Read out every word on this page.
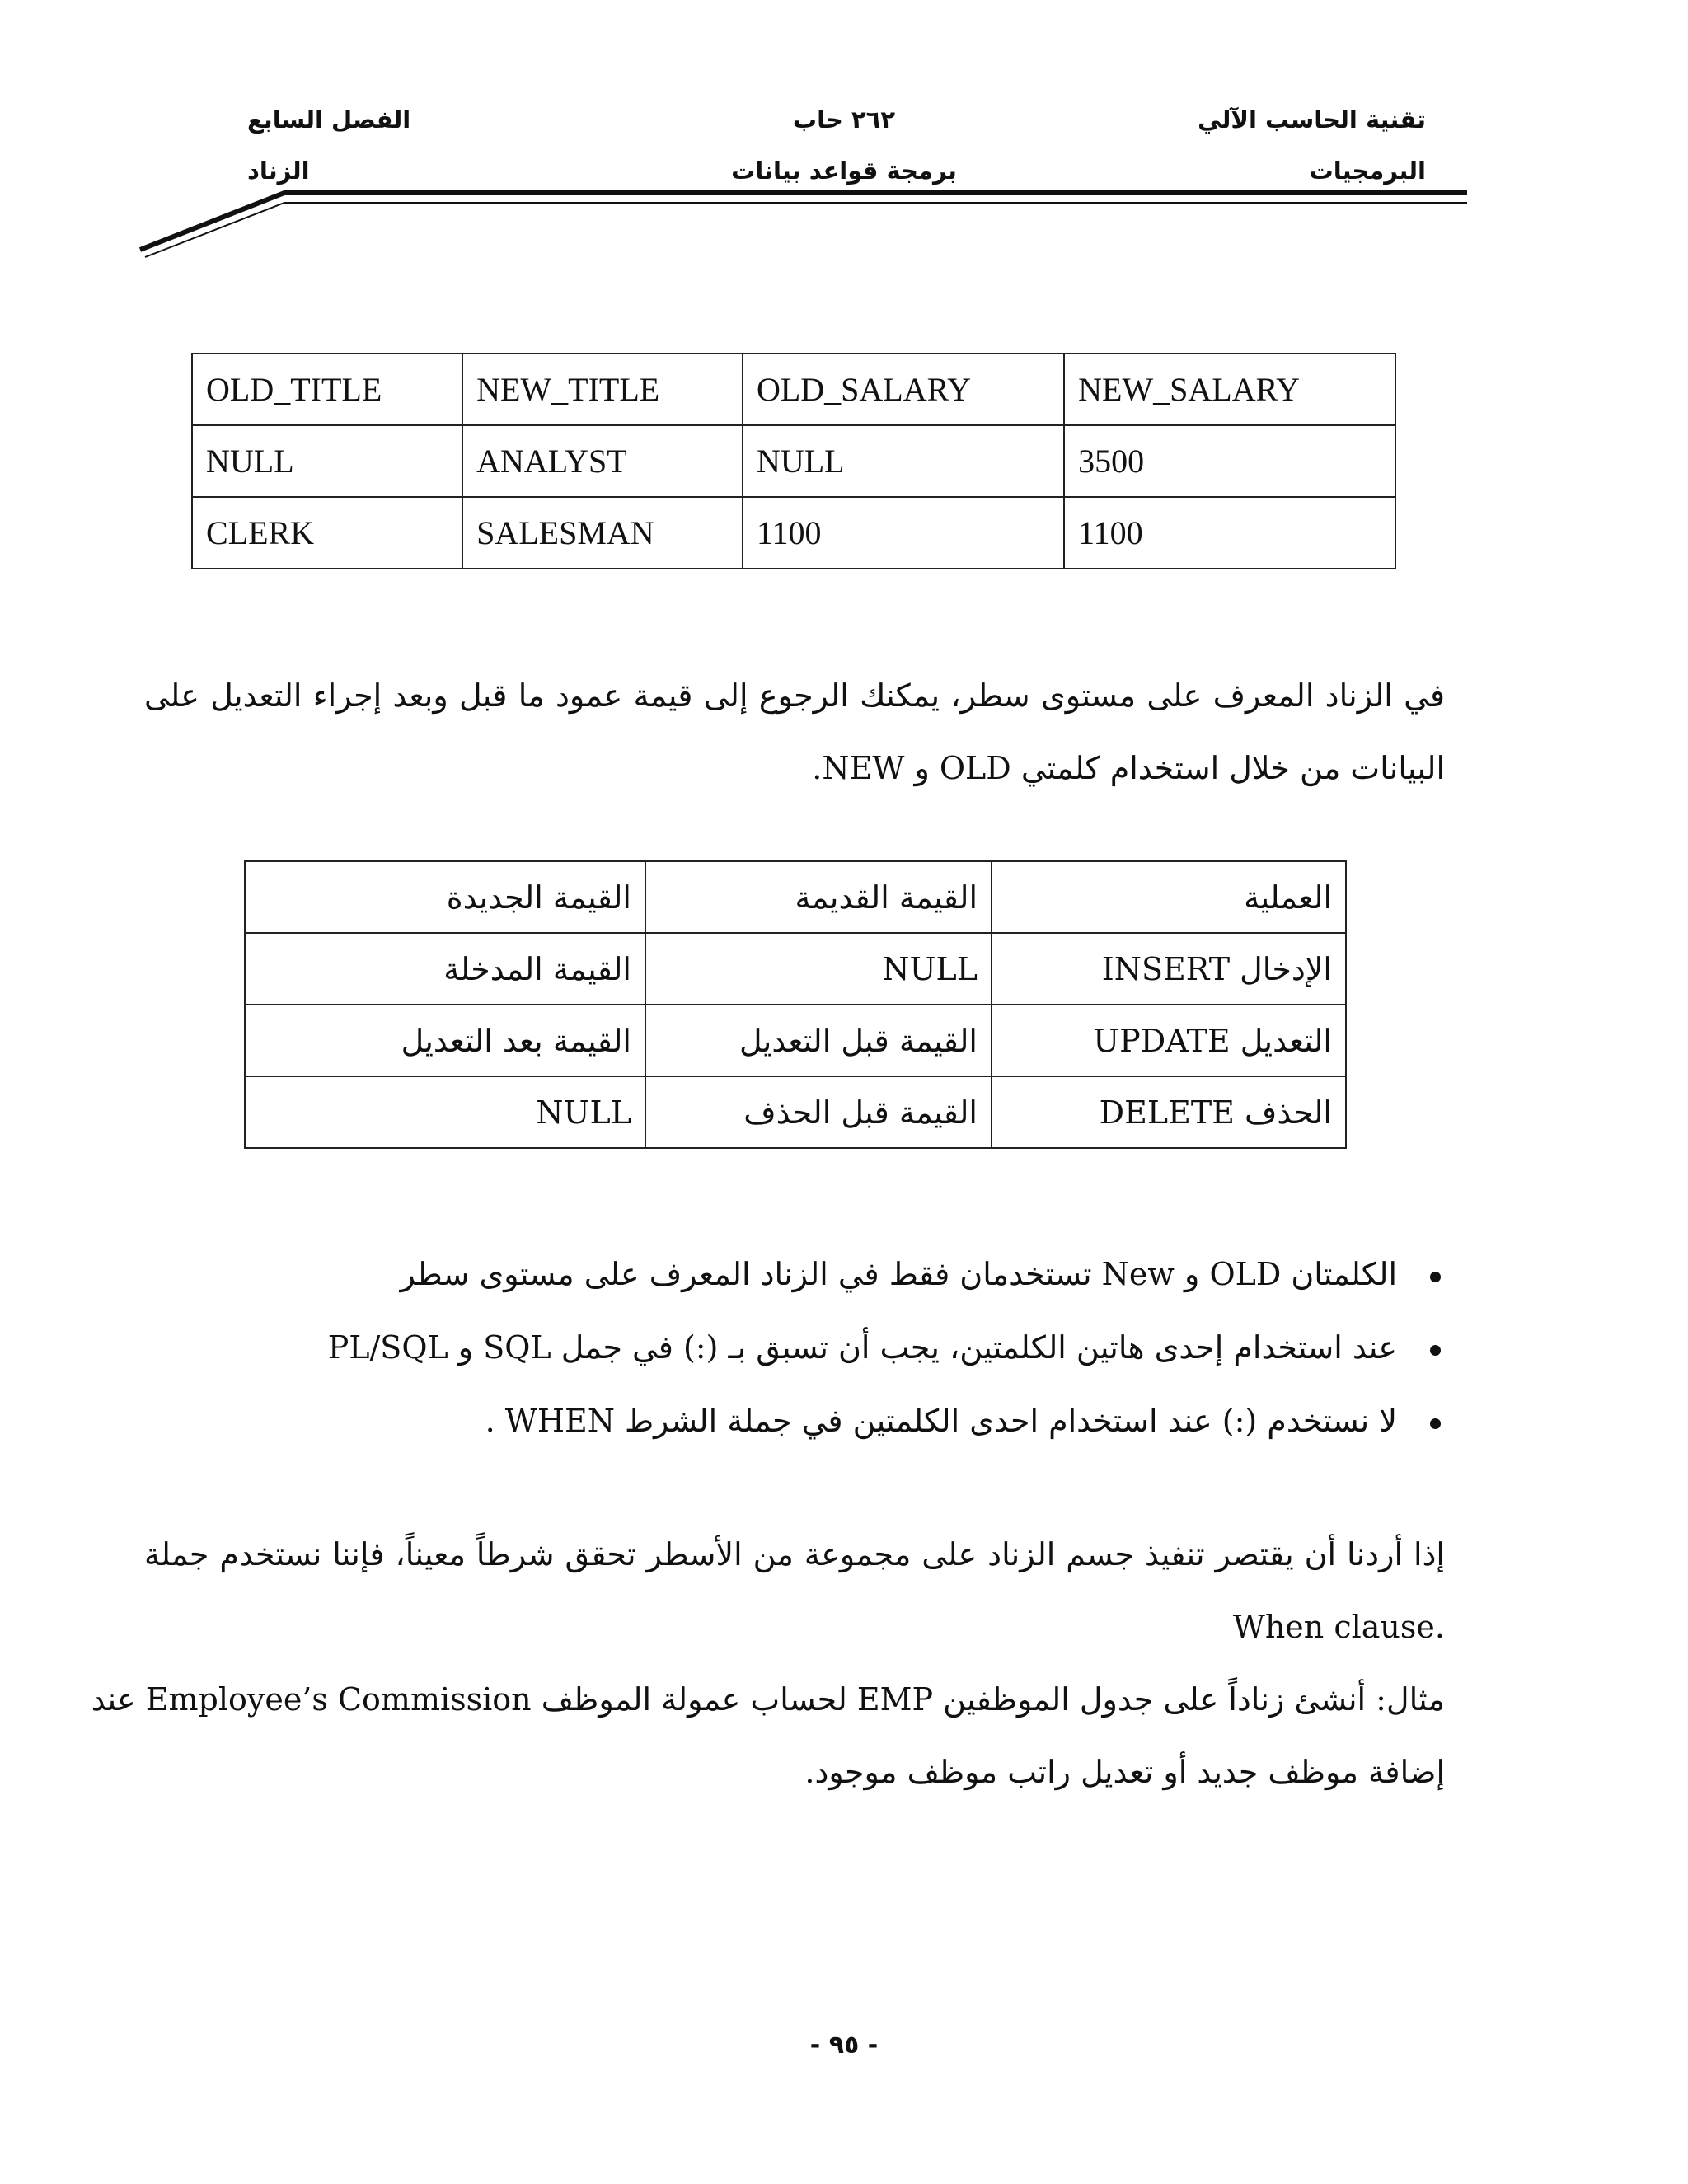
تقنية الحاسب الآلي
البرمجيات
٢٦٢ حاب
برمجة قواعد بيانات
الفصل السابع
الزناد
OLD_TITLE	NEW_TITLE	OLD_SALARY	NEW_SALARY
NULL	ANALYST	NULL	3500
CLERK	SALESMAN	1100	1100
في الزناد المعرف على مستوى سطر، يمكنك الرجوع إلى قيمة عمود ما قبل وبعد إجراء التعديل على
البيانات من خلال استخدام كلمتي OLD و NEW.
العملية	القيمة القديمة	القيمة الجديدة
الإدخال INSERT	NULL	القيمة المدخلة
التعديل UPDATE	القيمة قبل التعديل	القيمة بعد التعديل
الحذف DELETE	القيمة قبل الحذف	NULL
الكلمتان OLD و New تستخدمان فقط في الزناد المعرف على مستوى سطر
عند استخدام إحدى هاتين الكلمتين، يجب أن تسبق بـ (:) في جمل SQL و PL/SQL
لا نستخدم (:) عند استخدام احدى الكلمتين في جملة الشرط WHEN .
إذا أردنا أن يقتصر تنفيذ جسم الزناد على مجموعة من الأسطر تحقق شرطاً معيناً، فإننا نستخدم جملة
.When clause
مثال: أنشئ زناداً على جدول الموظفين EMP لحساب عمولة الموظف Employee’s Commission عند
إضافة موظف جديد أو تعديل راتب موظف موجود.
- ٩٥ -
